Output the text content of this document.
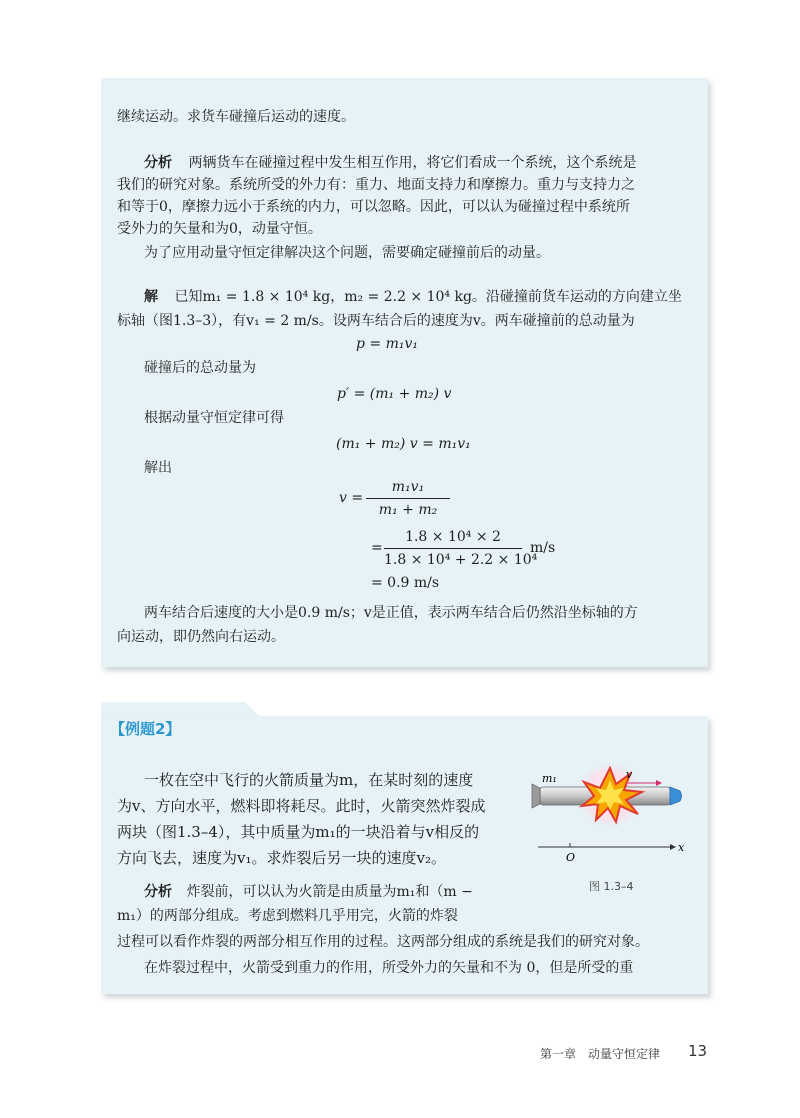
继续运动。求货车碰撞后运动的速度。
分析 两辆货车在碰撞过程中发生相互作用，将它们看成一个系统，这个系统是
我们的研究对象。系统所受的外力有：重力、地面支持力和摩擦力。重力与支持力之
和等于0，摩擦力远小于系统的内力，可以忽略。因此，可以认为碰撞过程中系统所
受外力的矢量和为0，动量守恒。
为了应用动量守恒定律解决这个问题，需要确定碰撞前后的动量。
解 已知m₁ = 1.8 × 10⁴ kg，m₂ = 2.2 × 10⁴ kg。沿碰撞前货车运动的方向建立坐
标轴（图1.3–3），有v₁ = 2 m/s。设两车结合后的速度为v。两车碰撞前的总动量为
p = m₁v₁
碰撞后的总动量为
p′ = (m₁ + m₂) v
根据动量守恒定律可得
(m₁ + m₂) v = m₁v₁
解出
v =
m₁v₁
m₁ + m₂
=
1.8 × 10⁴ × 2
1.8 × 10⁴ + 2.2 × 10⁴
m/s
= 0.9 m/s
两车结合后速度的大小是0.9 m/s；v是正值，表示两车结合后仍然沿坐标轴的方
向运动，即仍然向右运动。
【例题2】
一枚在空中飞行的火箭质量为m，在某时刻的速度
为v、方向水平，燃料即将耗尽。此时，火箭突然炸裂成
两块（图1.3–4），其中质量为m₁的一块沿着与v相反的
方向飞去，速度为v₁。求炸裂后另一块的速度v₂。
分析 炸裂前，可以认为火箭是由质量为m₁和（m −
m₁）的两部分组成。考虑到燃料几乎用完，火箭的炸裂
过程可以看作炸裂的两部分相互作用的过程。这两部分组成的系统是我们的研究对象。
在炸裂过程中，火箭受到重力的作用，所受外力的矢量和不为 0，但是所受的重
m₁	v
O
x
图 1.3–4
第一章　动量守恒定律 13
